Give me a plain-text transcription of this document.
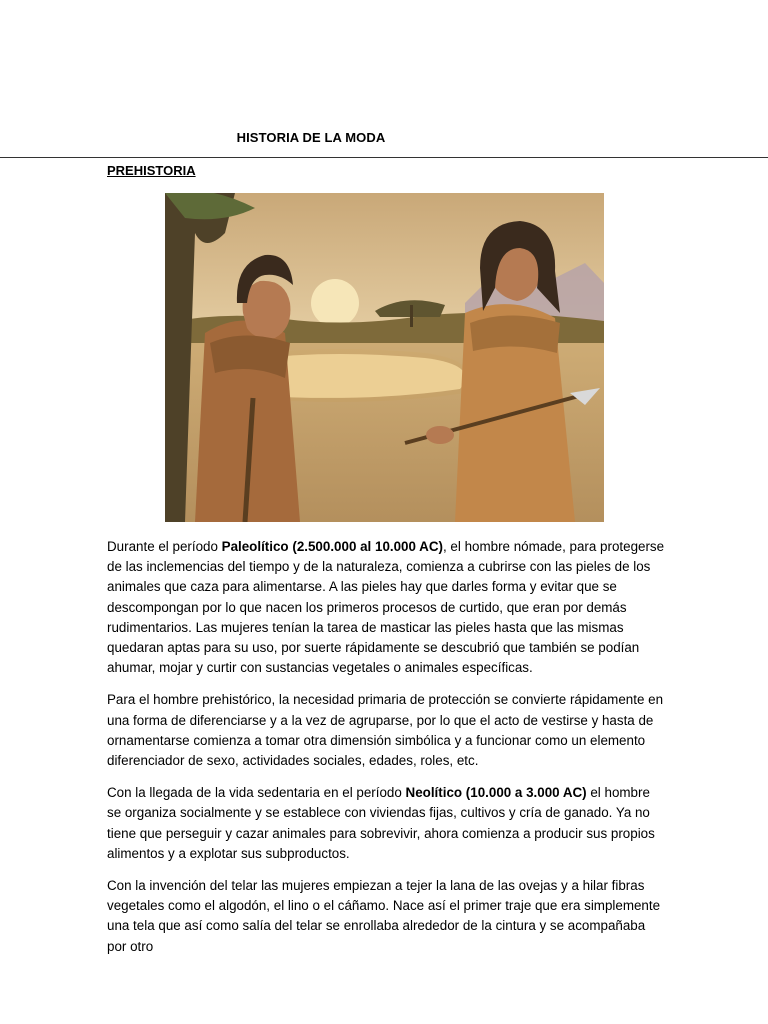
HISTORIA DE LA MODA
PREHISTORIA

Durante el período Paleolítico (2.500.000 al 10.000 AC), el hombre nómade, para protegerse de las inclemencias del tiempo y de la naturaleza, comienza a cubrirse con las pieles de los animales que caza para alimentarse. A las pieles hay que darles forma y evitar que se descompongan por lo que nacen los primeros procesos de curtido, que eran por demás rudimentarios. Las mujeres tenían la tarea de masticar las pieles hasta que las mismas quedaran aptas para su uso, por suerte rápidamente se descubrió que también se podían ahumar, mojar y curtir con sustancias vegetales o animales específicas.

Para el hombre prehistórico, la necesidad primaria de protección se convierte rápidamente en una forma de diferenciarse y a la vez de agruparse, por lo que el acto de vestirse y hasta de ornamentarse comienza a tomar otra dimensión simbólica y a funcionar como un elemento diferenciador de sexo, actividades sociales, edades, roles, etc.

Con la llegada de la vida sedentaria en el período Neolítico (10.000 a 3.000 AC) el hombre se organiza socialmente y se establece con viviendas fijas, cultivos y cría de ganado. Ya no tiene que perseguir y cazar animales para sobrevivir, ahora comienza a producir sus propios alimentos y a explotar sus subproductos.

Con la invención del telar las mujeres empiezan a tejer la lana de las ovejas y a hilar fibras vegetales como el algodón, el lino o el cáñamo. Nace así el primer traje que era simplemente una tela que así como salía del telar se enrollaba alrededor de la cintura y se acompañaba por otro
